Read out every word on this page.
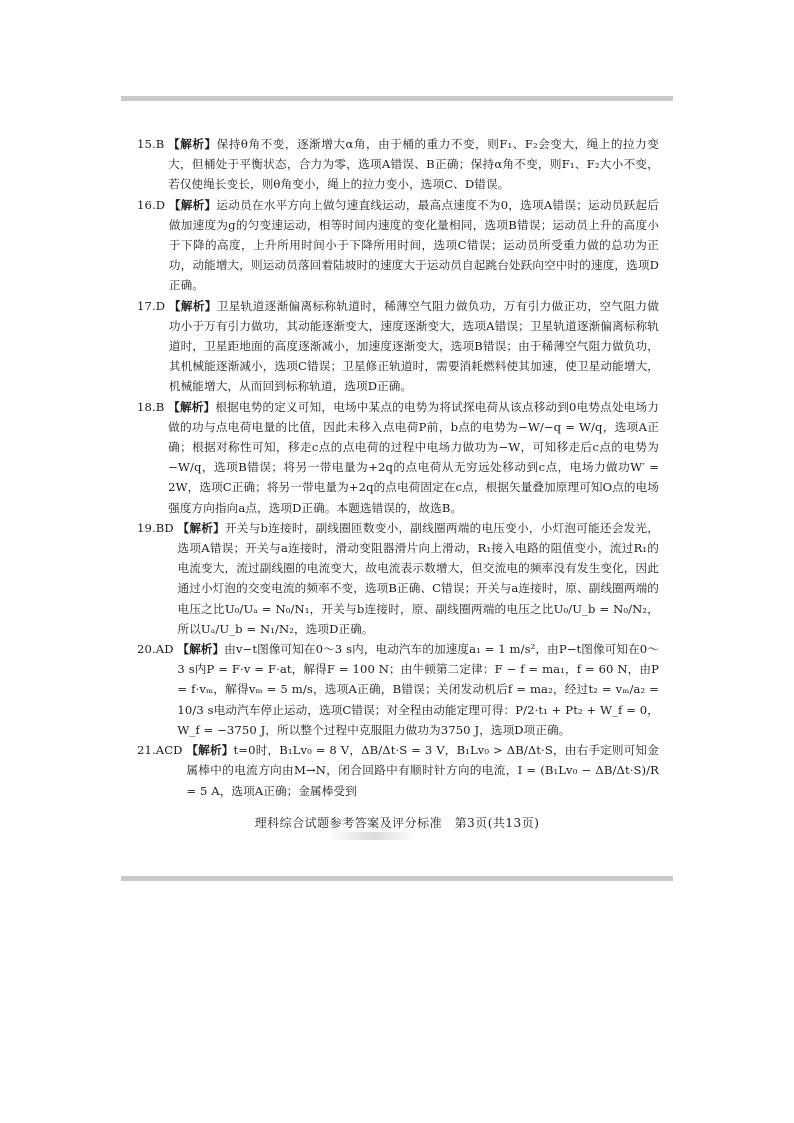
15.B 【解析】保持θ角不变，逐渐增大α角，由于桶的重力不变，则F₁、F₂会变大，绳上的拉力变大，但桶处于平衡状态，合力为零，选项A错误、B正确；保持α角不变，则F₁、F₂大小不变，若仅使绳长变长，则θ角变小，绳上的拉力变小，选项C、D错误。
16.D 【解析】运动员在水平方向上做匀速直线运动，最高点速度不为0，选项A错误；运动员跃起后做加速度为g的匀变速运动，相等时间内速度的变化量相同，选项B错误；运动员上升的高度小于下降的高度，上升所用时间小于下降所用时间，选项C错误；运动员所受重力做的总功为正功，动能增大，则运动员落回着陆坡时的速度大于运动员自起跳台处跃向空中时的速度，选项D正确。
17.D 【解析】卫星轨道逐渐偏离标称轨道时，稀薄空气阻力做负功，万有引力做正功，空气阻力做功小于万有引力做功，其动能逐渐变大，速度逐渐变大，选项A错误；卫星轨道逐渐偏离标称轨道时，卫星距地面的高度逐渐减小，加速度逐渐变大，选项B错误；由于稀薄空气阻力做负功，其机械能逐渐减小，选项C错误；卫星修正轨道时，需要消耗燃料使其加速，使卫星动能增大，机械能增大，从而回到标称轨道，选项D正确。
18.B 【解析】根据电势的定义可知，电场中某点的电势为将试探电荷从该点移动到0电势点处电场力做的功与点电荷电量的比值，因此未移入点电荷P前，b点的电势为−W/−q = W/q，选项A正确；根据对称性可知，移走c点的点电荷的过程中电场力做功为−W，可知移走后c点的电势为−W/q，选项B错误；将另一带电量为+2q的点电荷从无穷远处移动到c点，电场力做功W′ = 2W，选项C正确；将另一带电量为+2q的点电荷固定在c点，根据矢量叠加原理可知O点的电场强度方向指向a点，选项D正确。本题选错误的，故选B。
19.BD 【解析】开关与b连接时，副线圈匝数变小，副线圈两端的电压变小，小灯泡可能还会发光，选项A错误；开关与a连接时，滑动变阻器滑片向上滑动，R₁接入电路的阻值变小，流过R₁的电流变大，流过副线圈的电流变大，故电流表示数增大，但交流电的频率没有发生变化，因此通过小灯泡的交变电流的频率不变，选项B正确、C错误；开关与a连接时，原、副线圈两端的电压之比U₀/Uₐ = N₀/N₁，开关与b连接时，原、副线圈两端的电压之比U₀/U_b = N₀/N₂，所以Uₐ/U_b = N₁/N₂，选项D正确。
20.AD 【解析】由v−t图像可知在0～3 s内，电动汽车的加速度a₁ = 1 m/s²，由P−t图像可知在0～3 s内P = F·v = F·at，解得F = 100 N；由牛顿第二定律：F − f = ma₁，f = 60 N，由P = f·vₘ，解得vₘ = 5 m/s，选项A正确，B错误；关闭发动机后f = ma₂，经过t₂ = vₘ/a₂ = 10/3 s电动汽车停止运动，选项C错误；对全程由动能定理可得：P/2·t₁ + Pt₂ + W_f = 0，W_f = −3750 J，所以整个过程中克服阻力做功为3750 J，选项D项正确。
21.ACD 【解析】t=0时，B₁Lv₀ = 8 V，ΔB/Δt·S = 3 V，B₁Lv₀ > ΔB/Δt·S，由右手定则可知金属棒中的电流方向由M→N，闭合回路中有顺时针方向的电流，I = (B₁Lv₀ − ΔB/Δt·S)/R = 5 A，选项A正确；金属棒受到
理科综合试题参考答案及评分标准　第3页(共13页)
